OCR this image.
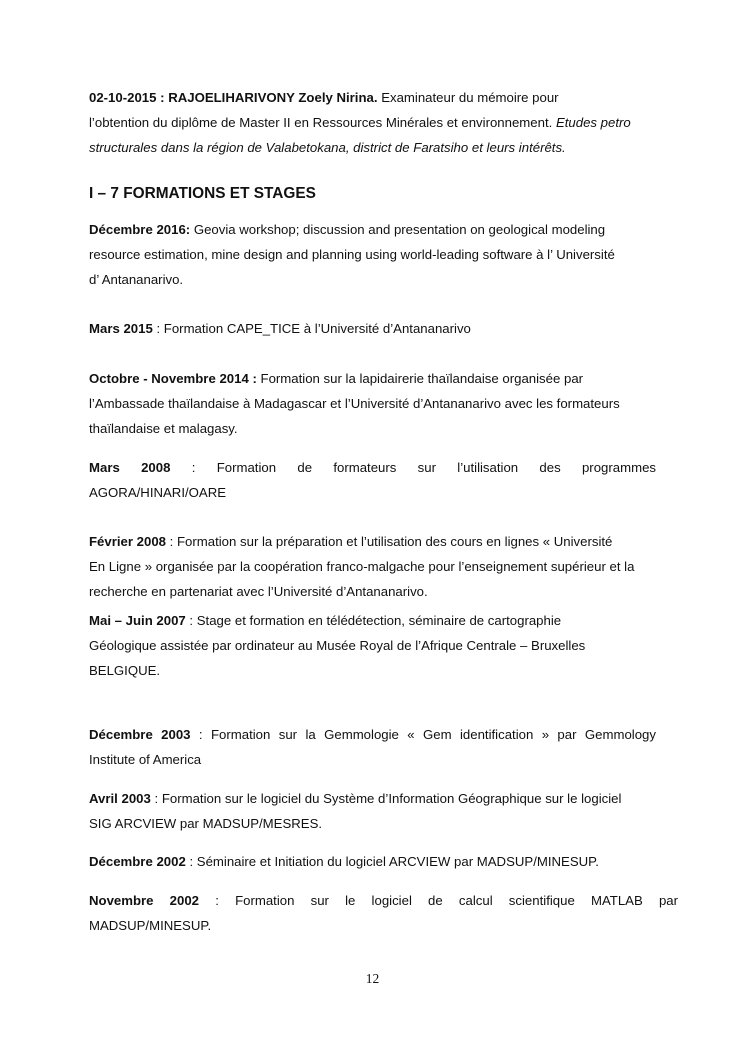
02-10-2015 : RAJOELIHARIVONY Zoely Nirina. Examinateur du mémoire pour
l’obtention du diplôme de Master II en Ressources Minérales et environnement. Etudes petro
structurales dans la région de Valabetokana, district de Faratsiho et leurs intérêts.

I – 7 FORMATIONS ET STAGES

Décembre 2016: Geovia workshop; discussion and presentation on geological modeling
resource estimation, mine design and planning using world-leading software à l’ Université
d’ Antananarivo.

Mars 2015 : Formation CAPE_TICE à l’Université d’Antananarivo

Octobre - Novembre 2014 : Formation sur la lapidairerie thaïlandaise organisée par
l’Ambassade thaïlandaise à Madagascar et l’Université d’Antananarivo avec les formateurs
thaïlandaise et malagasy.

Mars 2008 : Formation de formateurs sur l’utilisation des programmes
AGORA/HINARI/OARE

Février 2008 : Formation sur la préparation et l’utilisation des cours en lignes « Université
En Ligne » organisée par la coopération franco-malgache pour l’enseignement supérieur et la
recherche en partenariat avec l’Université d’Antananarivo.

Mai – Juin 2007 : Stage et formation en télédétection, séminaire de cartographie
Géologique assistée par ordinateur au Musée Royal de l’Afrique Centrale – Bruxelles
BELGIQUE.

Décembre 2003 : Formation sur la Gemmologie « Gem identification » par Gemmology
Institute of America

Avril 2003 : Formation sur le logiciel du Système d’Information Géographique sur le logiciel
SIG ARCVIEW par MADSUP/MESRES.

Décembre 2002 : Séminaire et Initiation du logiciel ARCVIEW par MADSUP/MINESUP.

Novembre 2002 : Formation sur le logiciel de calcul scientifique MATLAB par
MADSUP/MINESUP.

12
